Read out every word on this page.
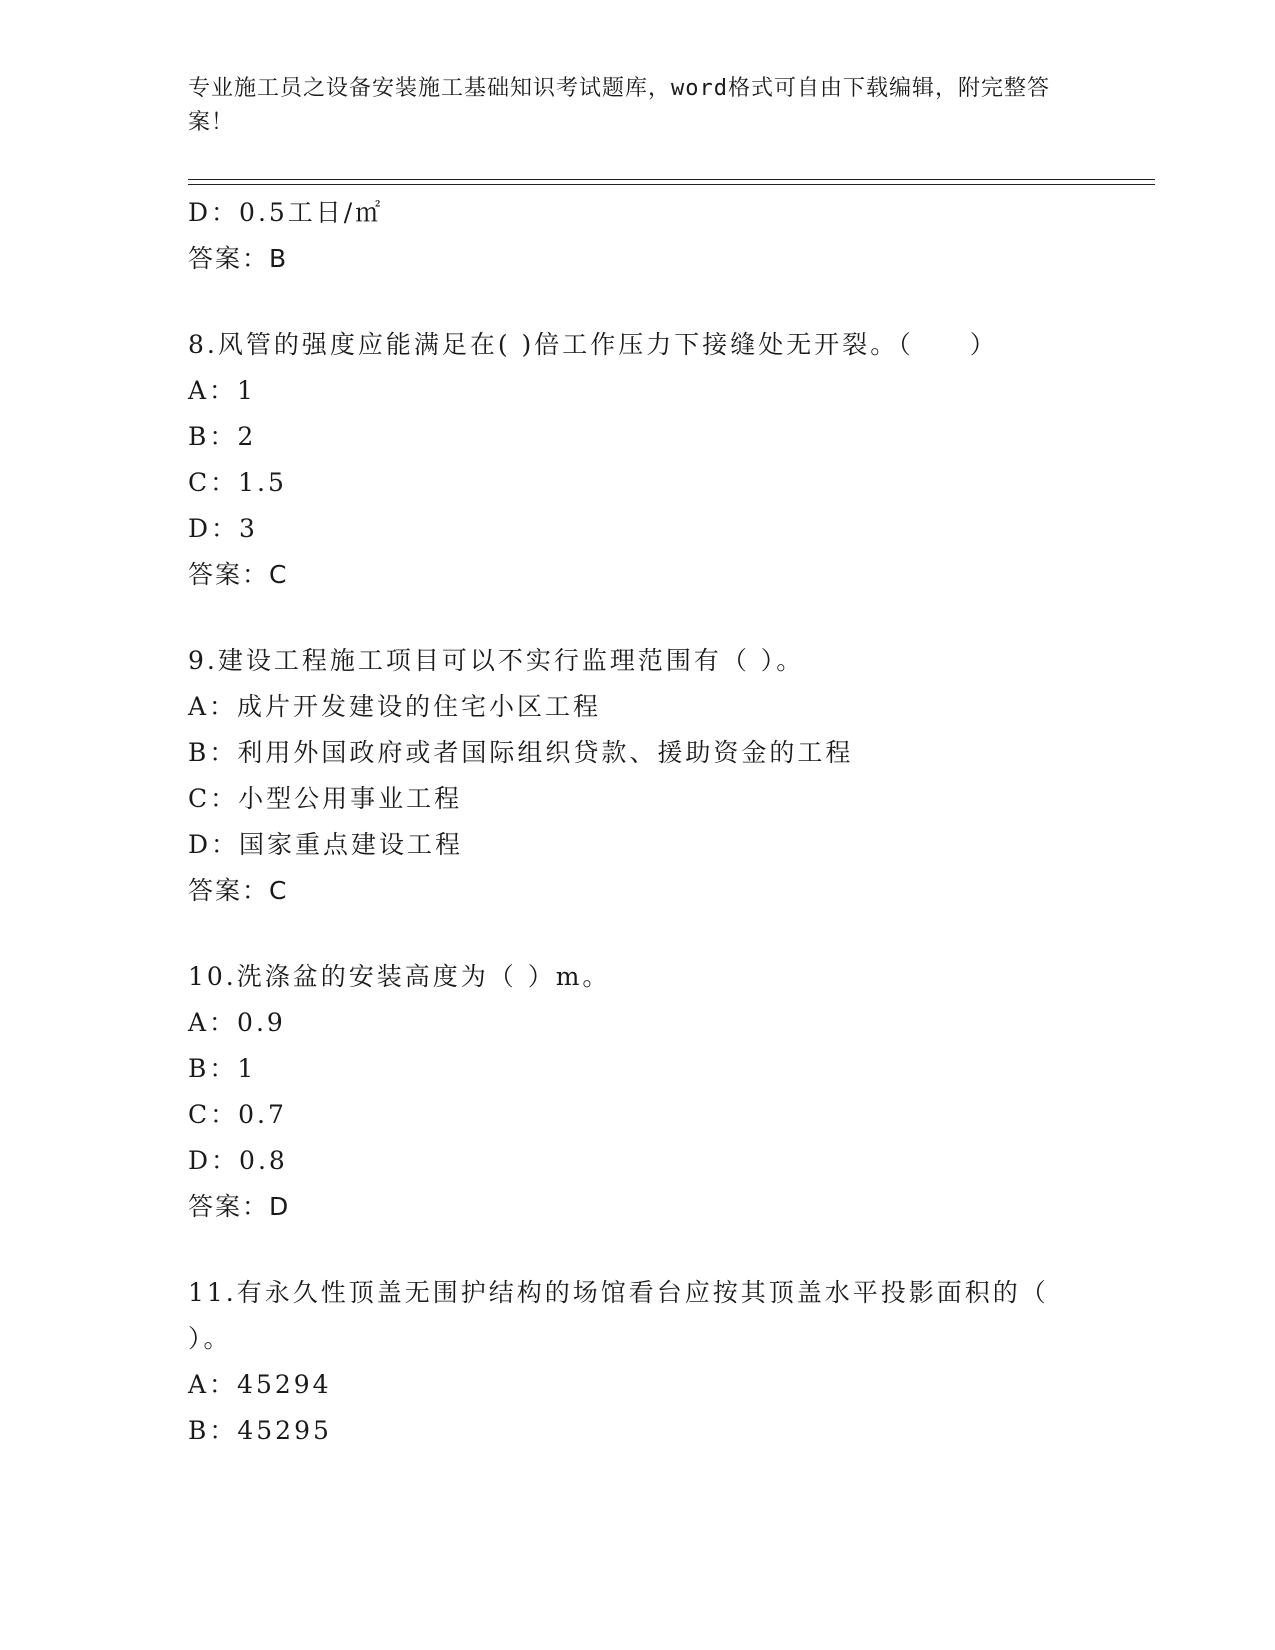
专业施工员之设备安装施工基础知识考试题库，word格式可自由下载编辑，附完整答案！
D：0.5工日/㎡
答案：B
8.风管的强度应能满足在( )倍工作压力下接缝处无开裂。（　　）
A：1
B：2
C：1.5
D：3
答案：C
9.建设工程施工项目可以不实行监理范围有（ ）。
A：成片开发建设的住宅小区工程
B：利用外国政府或者国际组织贷款、援助资金的工程
C：小型公用事业工程
D：国家重点建设工程
答案：C
10.洗涤盆的安装高度为（ ）m。
A：0.9
B：1
C：0.7
D：0.8
答案：D
11.有永久性顶盖无围护结构的场馆看台应按其顶盖水平投影面积的（ ）。
A：45294
B：45295
